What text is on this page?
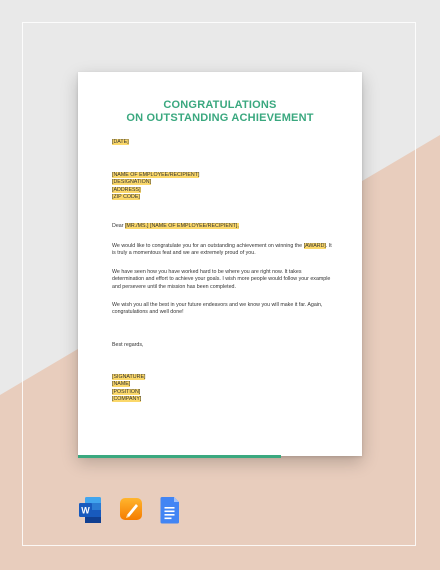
CONGRATULATIONS
ON OUTSTANDING ACHIEVEMENT
[DATE]
[NAME OF EMPLOYEE/RECIPIENT]
[DESIGNATION]
[ADDRESS]
[ZIP CODE]
Dear [MR./MS.] [NAME OF EMPLOYEE/RECIPIENT],
We would like to congratulate you for an outstanding achievement on winning the [AWARD]. It is truly a momentous feat and we are extremely proud of you.
We have seen how you have worked hard to be where you are right now. It takes determination and effort to achieve your goals. I wish more people would follow your example and persevere until the mission has been completed.
We wish you all the best in your future endeavors and we know you will make it far. Again, congratulations and well done!
Best regards,
[SIGNATURE]
[NAME]
[POSITION]
[COMPANY]
W
